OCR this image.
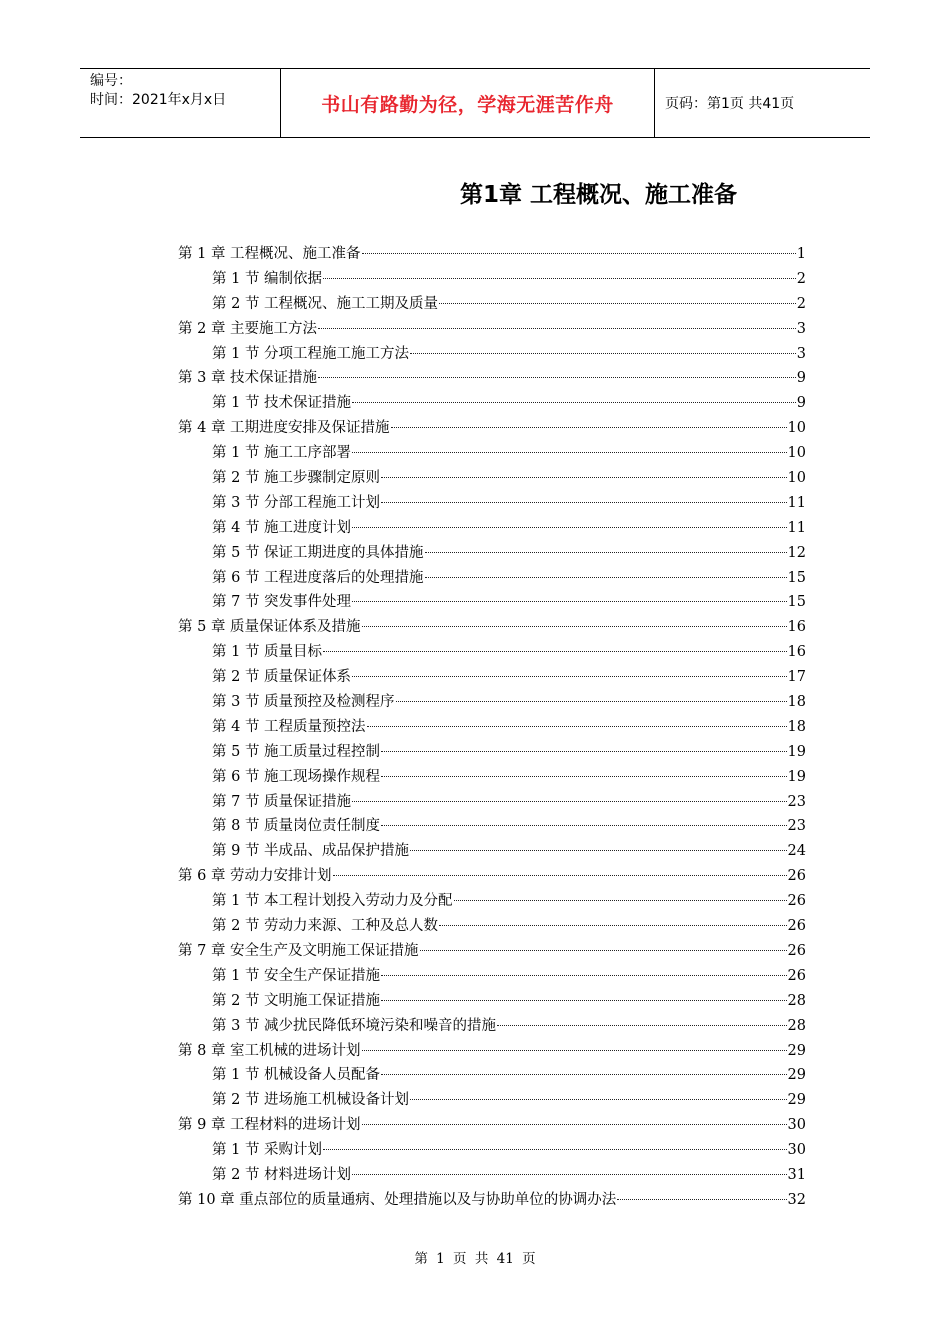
编号：
时间：2021年x月x日	书山有路勤为径，学海无涯苦作舟	页码：第1页 共41页
第1章 工程概况、施工准备
第 1 章 工程概况、施工准备	1
第 1 节 编制依据	2
第 2 节 工程概况、施工工期及质量	2
第 2 章 主要施工方法	3
第 1 节 分项工程施工施工方法	3
第 3 章 技术保证措施	9
第 1 节 技术保证措施	9
第 4 章 工期进度安排及保证措施	10
第 1 节 施工工序部署	10
第 2 节 施工步骤制定原则	10
第 3 节 分部工程施工计划	11
第 4 节 施工进度计划	11
第 5 节 保证工期进度的具体措施	12
第 6 节 工程进度落后的处理措施	15
第 7 节 突发事件处理	15
第 5 章 质量保证体系及措施	16
第 1 节 质量目标	16
第 2 节 质量保证体系	17
第 3 节 质量预控及检测程序	18
第 4 节 工程质量预控法	18
第 5 节 施工质量过程控制	19
第 6 节 施工现场操作规程	19
第 7 节 质量保证措施	23
第 8 节 质量岗位责任制度	23
第 9 节 半成品、成品保护措施	24
第 6 章 劳动力安排计划	26
第 1 节 本工程计划投入劳动力及分配	26
第 2 节 劳动力来源、工种及总人数	26
第 7 章 安全生产及文明施工保证措施	26
第 1 节 安全生产保证措施	26
第 2 节 文明施工保证措施	28
第 3 节 减少扰民降低环境污染和噪音的措施	28
第 8 章 室工机械的进场计划	29
第 1 节 机械设备人员配备	29
第 2 节 进场施工机械设备计划	29
第 9 章 工程材料的进场计划	30
第 1 节 采购计划	30
第 2 节 材料进场计划	31
第 10 章 重点部位的质量通病、处理措施以及与协助单位的协调办法	32
第 1 页 共 41 页
